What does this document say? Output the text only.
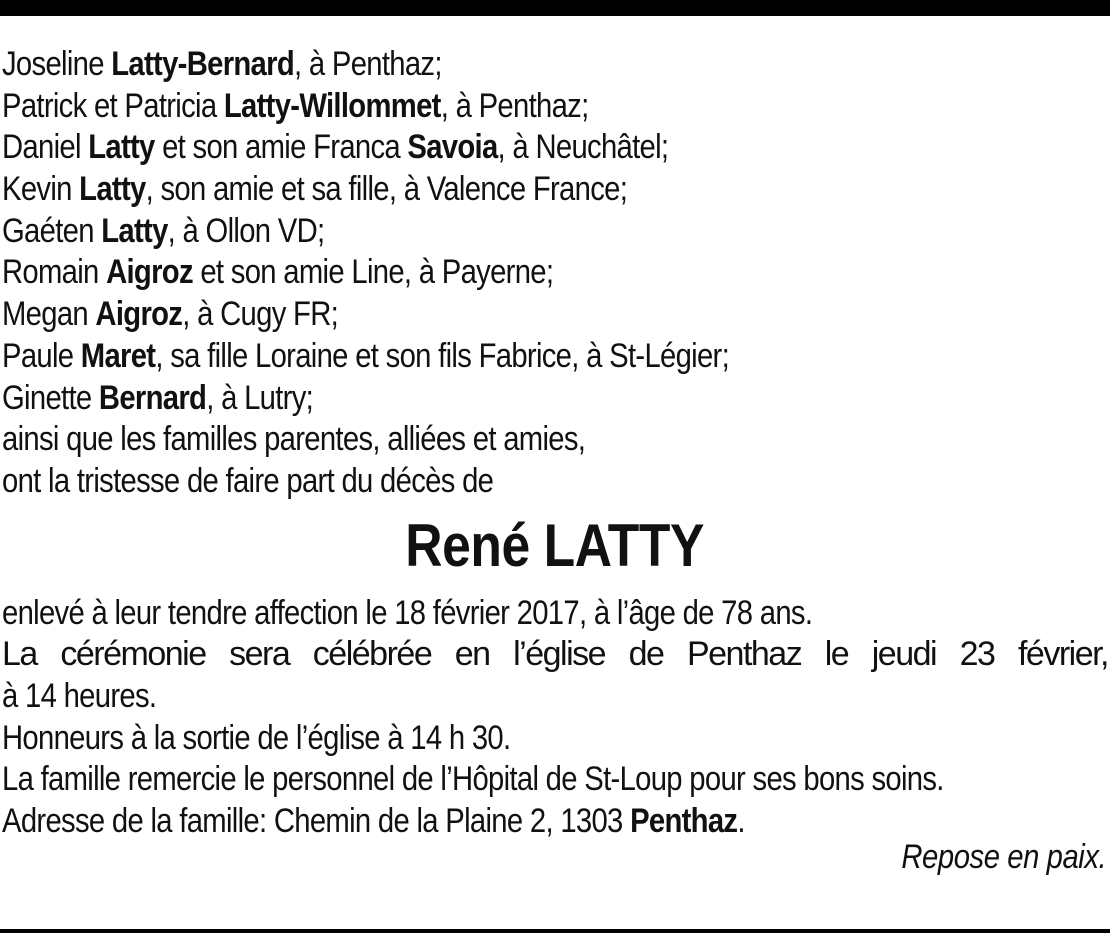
Joseline Latty-Bernard, à Penthaz;
Patrick et Patricia Latty-Willommet, à Penthaz;
Daniel Latty et son amie Franca Savoia, à Neuchâtel;
Kevin Latty, son amie et sa fille, à Valence France;
Gaéten Latty, à Ollon VD;
Romain Aigroz et son amie Line, à Payerne;
Megan Aigroz, à Cugy FR;
Paule Maret, sa fille Loraine et son fils Fabrice, à St-Légier;
Ginette Bernard, à Lutry;
ainsi que les familles parentes, alliées et amies,
ont la tristesse de faire part du décès de
René LATTY
enlevé à leur tendre affection le 18 février 2017, à l’âge de 78 ans.
La cérémonie sera célébrée en l’église de Penthaz le jeudi 23 février,
à 14 heures.
Honneurs à la sortie de l’église à 14 h 30.
La famille remercie le personnel de l’Hôpital de St-Loup pour ses bons soins.
Adresse de la famille: Chemin de la Plaine 2, 1303 Penthaz.
Repose en paix.
